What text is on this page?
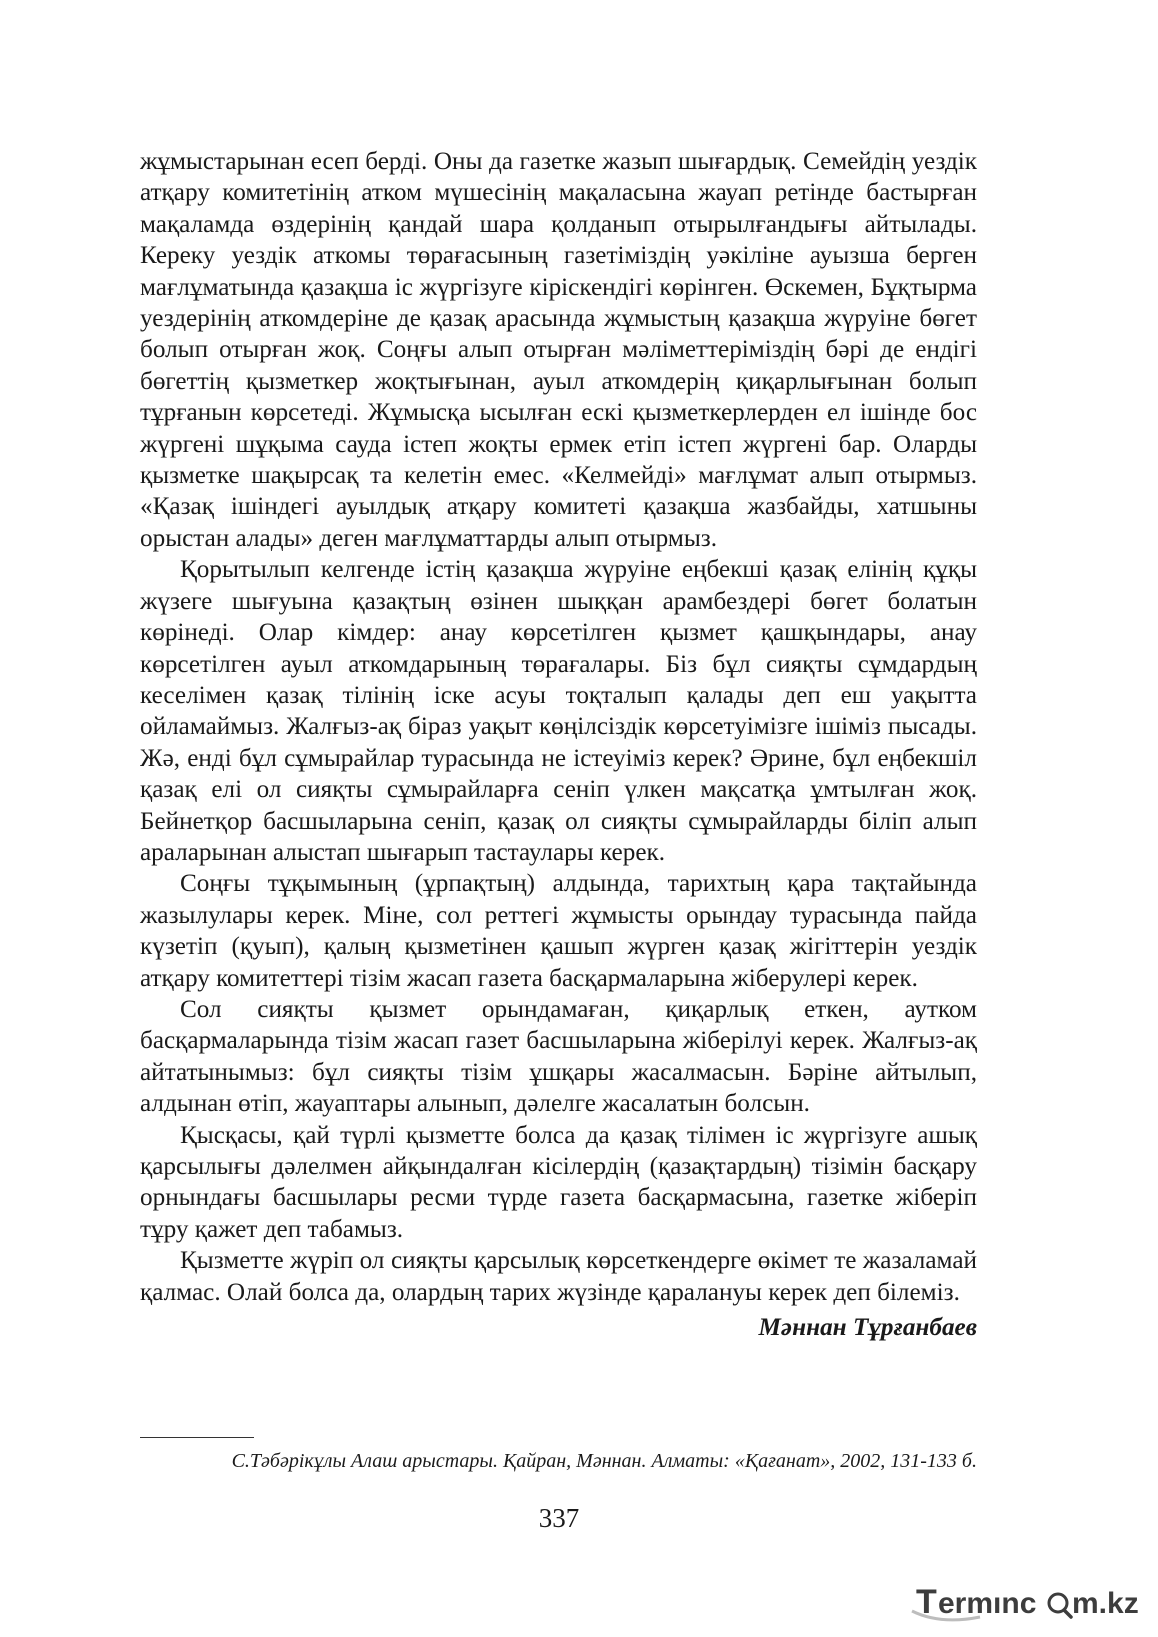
жұмыстарынан есеп берді. Оны да газетке жазып шығардық. Семейдің уездік атқару комитетінің атком мүшесінің мақаласына жауап ретінде бастырған мақаламда өздерінің қандай шара қолданып отырылғандығы айтылады. Кереку уездік аткомы төрағасының газетіміздің уәкіліне ауызша берген мағлұматында қазақша іс жүргізуге кірiскендігі көрінген. Өскемен, Бұқтырма уездерінің аткомдеріне де қазақ арасында жұмыстың қазақша жүруіне бөгет болып отырған жоқ. Соңғы алып отырған мәліметтеріміздің бәрі де ендігі бөгеттің қызметкер жоқтығынан, ауыл аткомдерің қиқарлығынан болып тұрғанын көрсетеді. Жұмысқа ысылған ескі қызметкерлерден ел ішінде бос жүргені шұқыма сауда істеп жоқты ермек етіп істеп жүргені бар. Оларды қызметке шақырсақ та келетін емес. «Келмейді» мағлұмат алып отырмыз. «Қазақ ішіндегі ауылдық атқару комитеті қазақша жазбайды, хатшыны орыстан алады» деген мағлұматтарды алып отырмыз.

Қорытылып келгенде істің қазақша жүруіне еңбекші қазақ елінің құқы жүзеге шығуына қазақтың өзінен шыққан арамбездері бөгет болатын көрінеді. Олар кімдер: анау көрсетілген қызмет қашқындары, анау көрсетілген ауыл аткомдарының төрағалары. Біз бұл сияқты сұмдардың кеселімен қазақ тілінің іске асуы тоқталып қалады деп еш уақытта ойламаймыз. Жалғыз-ақ біраз уақыт көңілсіздік көрсетуімізге ішіміз пысады. Жә, енді бұл сұмырайлар турасында не істеуіміз керек? Әрине, бұл еңбекшіл қазақ елі ол сияқты сұмырайларға сеніп үлкен мақсатқа ұмтылған жоқ. Бейнетқор басшыларына сеніп, қазақ ол сияқты сұмырайларды біліп алып араларынан алыстап шығарып тастаулары керек.

Соңғы тұқымының (ұрпақтың) алдында, тарихтың қара тақтайында жазылулары керек. Міне, сол реттегі жұмысты орындау турасында пайда күзетіп (қуып), қалың қызметінен қашып жүрген қазақ жігіттерін уездік атқару комитеттері тізім жасап газета басқармаларына жіберулері керек.

Сол сияқты қызмет орындамаған, қиқарлық еткен, аутком басқармаларында тізім жасап газет басшыларына жіберілуі керек. Жалғыз-ақ айтатынымыз: бұл сияқты тізім ұшқары жасалмасын. Бәріне айтылып, алдынан өтіп, жауаптары алынып, дәлелге жасалатын болсын.

Қысқасы, қай түрлі қызметте болса да қазақ тілімен іс жүргізуге ашық қарсылығы дәлелмен айқындалған кісілердің (қазақтардың) тізімін басқару орнындағы басшылары ресми түрде газета басқармасына, газетке жіберіп тұру қажет деп табамыз.

Қызметте жүріп ол сияқты қарсылық көрсеткендерге өкімет те жазаламай қалмас. Олай болса да, олардың тарих жүзінде қаралануы керек деп білеміз.

Мәннан Тұрғанбаев

С.Тәбәрікұлы Алаш арыстары. Қайран, Мәннан. Алматы: «Қағанат», 2002, 131-133 б.

337

T ermınc m.kz
